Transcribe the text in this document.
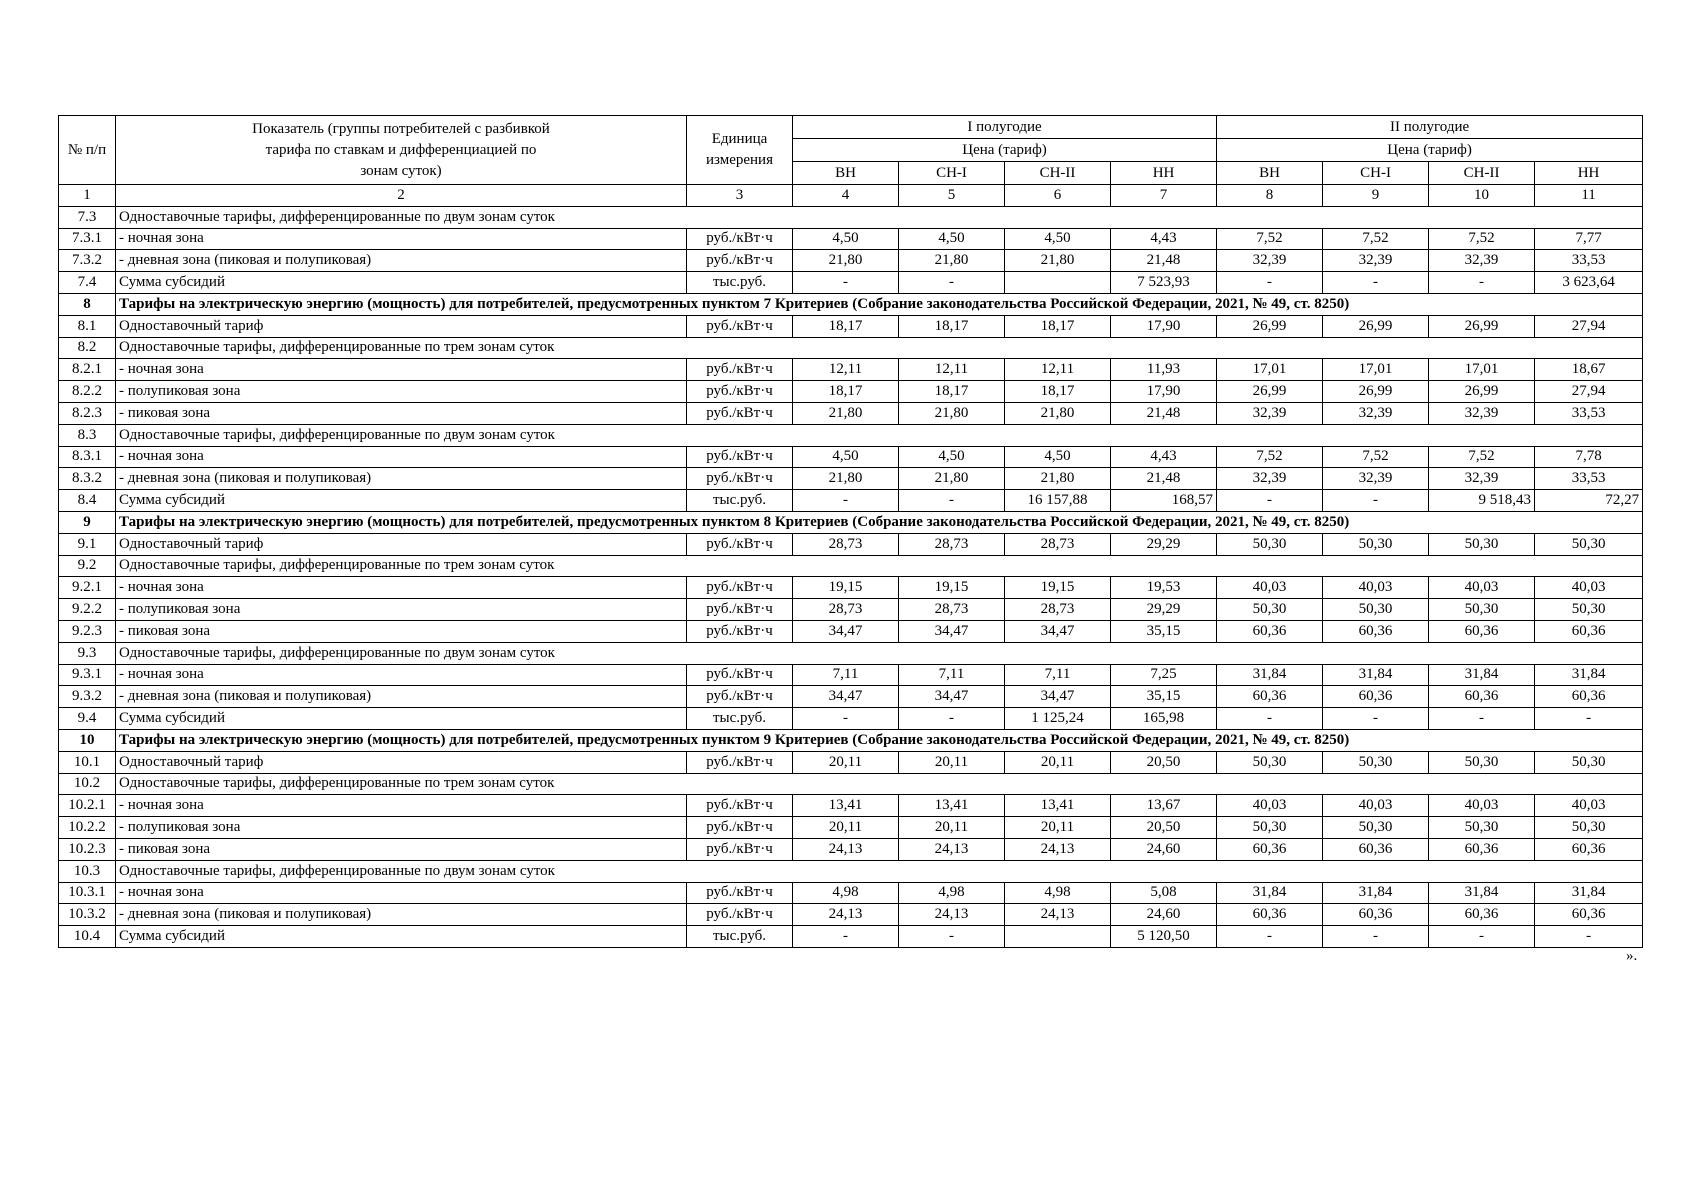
№ п/п	Показатель (группы потребителей с разбивкой тарифа по ставкам и дифференциацией по зонам суток)	Единица измерения	I полугодие				II полугодие			
			Цена (тариф)				Цена (тариф)			
			ВН	СН-I	СН-II	НН	ВН	СН-I	СН-II	НН
1	2	3	4	5	6	7	8	9	10	11
7.3	Одноставочные тарифы, дифференцированные по двум зонам суток									
7.3.1	- ночная зона	руб./кВт·ч	4,50	4,50	4,50	4,43	7,52	7,52	7,52	7,77
7.3.2	- дневная зона (пиковая и полупиковая)	руб./кВт·ч	21,80	21,80	21,80	21,48	32,39	32,39	32,39	33,53
7.4	Сумма субсидий	тыс.руб.	-	-		7 523,93	-	-	-	3 623,64
8	Тарифы на электрическую энергию (мощность) для потребителей, предусмотренных пунктом 7 Критериев (Собрание законодательства Российской Федерации, 2021, № 49, ст. 8250)									
8.1	Одноставочный тариф	руб./кВт·ч	18,17	18,17	18,17	17,90	26,99	26,99	26,99	27,94
8.2	Одноставочные тарифы, дифференцированные по трем зонам суток									
8.2.1	- ночная зона	руб./кВт·ч	12,11	12,11	12,11	11,93	17,01	17,01	17,01	18,67
8.2.2	- полупиковая зона	руб./кВт·ч	18,17	18,17	18,17	17,90	26,99	26,99	26,99	27,94
8.2.3	- пиковая зона	руб./кВт·ч	21,80	21,80	21,80	21,48	32,39	32,39	32,39	33,53
8.3	Одноставочные тарифы, дифференцированные по двум зонам суток									
8.3.1	- ночная зона	руб./кВт·ч	4,50	4,50	4,50	4,43	7,52	7,52	7,52	7,78
8.3.2	- дневная зона (пиковая и полупиковая)	руб./кВт·ч	21,80	21,80	21,80	21,48	32,39	32,39	32,39	33,53
8.4	Сумма субсидий	тыс.руб.	-	-	16 157,88	168,57	-	-	9 518,43	72,27
9	Тарифы на электрическую энергию (мощность) для потребителей, предусмотренных пунктом 8 Критериев (Собрание законодательства Российской Федерации, 2021, № 49, ст. 8250)									
9.1	Одноставочный тариф	руб./кВт·ч	28,73	28,73	28,73	29,29	50,30	50,30	50,30	50,30
9.2	Одноставочные тарифы, дифференцированные по трем зонам суток									
9.2.1	- ночная зона	руб./кВт·ч	19,15	19,15	19,15	19,53	40,03	40,03	40,03	40,03
9.2.2	- полупиковая зона	руб./кВт·ч	28,73	28,73	28,73	29,29	50,30	50,30	50,30	50,30
9.2.3	- пиковая зона	руб./кВт·ч	34,47	34,47	34,47	35,15	60,36	60,36	60,36	60,36
9.3	Одноставочные тарифы, дифференцированные по двум зонам суток									
9.3.1	- ночная зона	руб./кВт·ч	7,11	7,11	7,11	7,25	31,84	31,84	31,84	31,84
9.3.2	- дневная зона (пиковая и полупиковая)	руб./кВт·ч	34,47	34,47	34,47	35,15	60,36	60,36	60,36	60,36
9.4	Сумма субсидий	тыс.руб.	-	-	1 125,24	165,98	-	-	-	-
10	Тарифы на электрическую энергию (мощность) для потребителей, предусмотренных пунктом 9 Критериев (Собрание законодательства Российской Федерации, 2021, № 49, ст. 8250)									
10.1	Одноставочный тариф	руб./кВт·ч	20,11	20,11	20,11	20,50	50,30	50,30	50,30	50,30
10.2	Одноставочные тарифы, дифференцированные по трем зонам суток									
10.2.1	- ночная зона	руб./кВт·ч	13,41	13,41	13,41	13,67	40,03	40,03	40,03	40,03
10.2.2	- полупиковая зона	руб./кВт·ч	20,11	20,11	20,11	20,50	50,30	50,30	50,30	50,30
10.2.3	- пиковая зона	руб./кВт·ч	24,13	24,13	24,13	24,60	60,36	60,36	60,36	60,36
10.3	Одноставочные тарифы, дифференцированные по двум зонам суток									
10.3.1	- ночная зона	руб./кВт·ч	4,98	4,98	4,98	5,08	31,84	31,84	31,84	31,84
10.3.2	- дневная зона (пиковая и полупиковая)	руб./кВт·ч	24,13	24,13	24,13	24,60	60,36	60,36	60,36	60,36
10.4	Сумма субсидий	тыс.руб.	-	-		5 120,50	-	-	-	-
».
